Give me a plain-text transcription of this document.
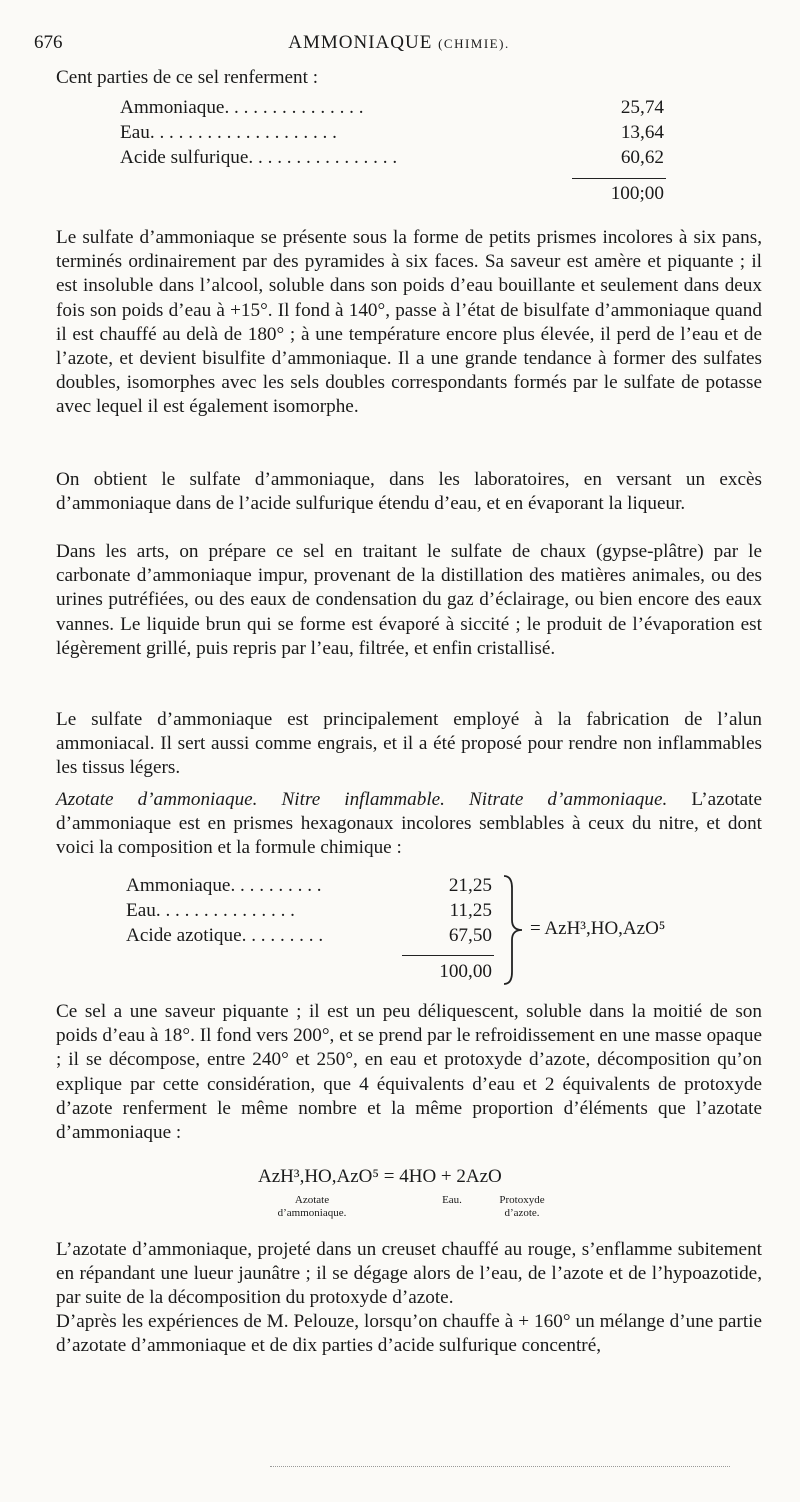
676	AMMONIAQUE (CHIMIE).
Cent parties de ce sel renferment :
Ammoniaque. . . . . . . . . . . . . . .	25,74
Eau. . . . . . . . . . . . . . . . . . . .	13,64
Acide sulfurique. . . . . . . . . . . . . . . .	60,62
100;00
Le sulfate d’ammoniaque se présente sous la forme de petits prismes incolores à six pans, terminés ordinairement par des pyramides à six faces. Sa saveur est amère et piquante ; il est insoluble dans l’alcool, soluble dans son poids d’eau bouillante et seulement dans deux fois son poids d’eau à +15°. Il fond à 140°, passe à l’état de bisulfate d’ammoniaque quand il est chauffé au delà de 180° ; à une température encore plus élevée, il perd de l’eau et de l’azote, et devient bisulfite d’ammoniaque. Il a une grande tendance à former des sulfates doubles, isomorphes avec les sels doubles correspondants formés par le sulfate de potasse avec lequel il est également isomorphe.
On obtient le sulfate d’ammoniaque, dans les laboratoires, en versant un excès d’ammoniaque dans de l’acide sulfurique étendu d’eau, et en évaporant la liqueur.
Dans les arts, on prépare ce sel en traitant le sulfate de chaux (gypse-plâtre) par le carbonate d’ammoniaque impur, provenant de la distillation des matières animales, ou des urines putréfiées, ou des eaux de condensation du gaz d’éclairage, ou bien encore des eaux vannes. Le liquide brun qui se forme est évaporé à siccité ; le produit de l’évaporation est légèrement grillé, puis repris par l’eau, filtrée, et enfin cristallisé.
Le sulfate d’ammoniaque est principalement employé à la fabrication de l’alun ammoniacal. Il sert aussi comme engrais, et il a été proposé pour rendre non inflammables les tissus légers.
Azotate d’ammoniaque. Nitre inflammable. Nitrate d’ammoniaque. L’azotate d’ammoniaque est en prismes hexagonaux incolores semblables à ceux du nitre, et dont voici la composition et la formule chimique :
Ammoniaque. . . . . . . . . .	21,25
Eau. . . . . . . . . . . . . . .	11,25
Acide azotique. . . . . . . . .	67,50
100,00
= AzH³,HO,AzO⁵
Ce sel a une saveur piquante ; il est un peu déliquescent, soluble dans la moitié de son poids d’eau à 18°. Il fond vers 200°, et se prend par le refroidissement en une masse opaque ; il se décompose, entre 240° et 250°, en eau et protoxyde d’azote, décomposition qu’on explique par cette considération, que 4 équivalents d’eau et 2 équivalents de protoxyde d’azote renferment le même nombre et la même proportion d’éléments que l’azotate d’ammoniaque :
AzH³,HO,AzO⁵ = 4HO + 2AzO
Azotate d’ammoniaque.
Eau.	Protoxyde d’azote.
L’azotate d’ammoniaque, projeté dans un creuset chauffé au rouge, s’enflamme subitement en répandant une lueur jaunâtre ; il se dégage alors de l’eau, de l’azote et de l’hypoazotide, par suite de la décomposition du protoxyde d’azote.
D’après les expériences de M. Pelouze, lorsqu’on chauffe à + 160° un mélange d’une partie d’azotate d’ammoniaque et de dix parties d’acide sulfurique concentré,
